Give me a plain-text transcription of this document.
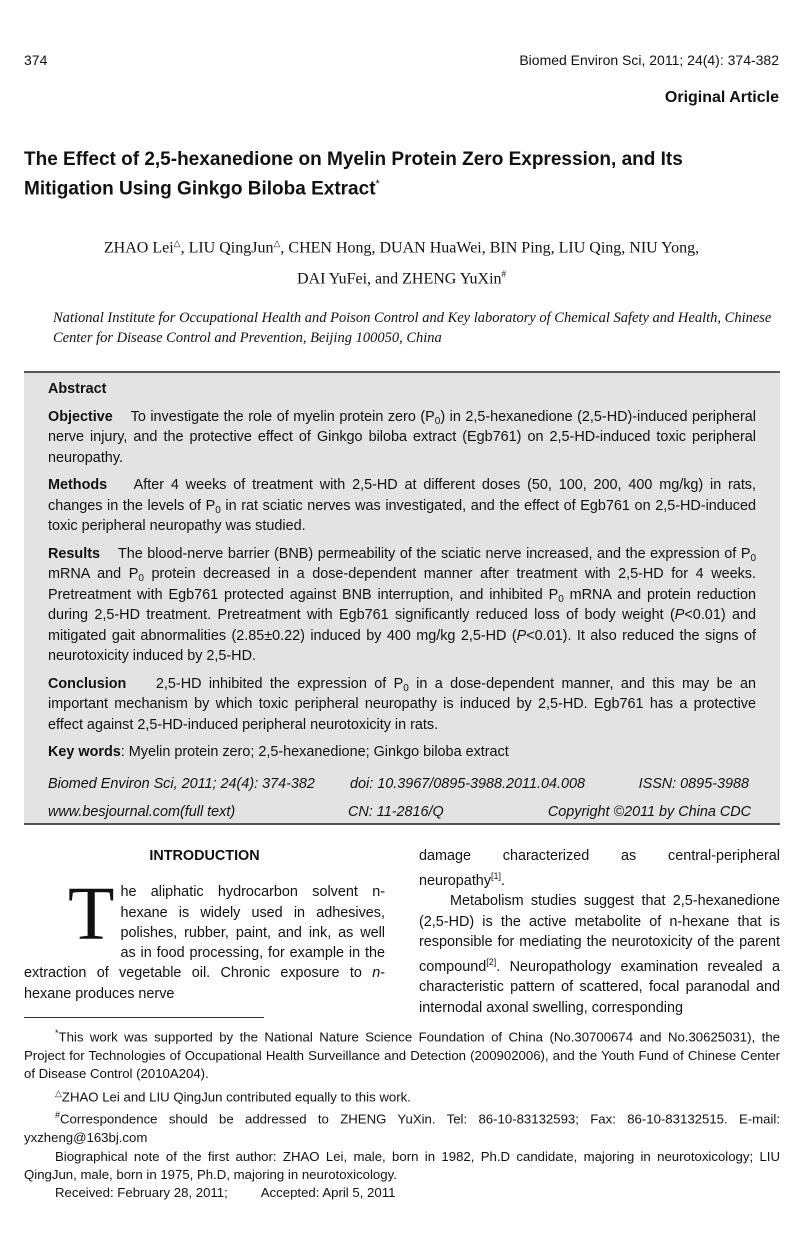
374	Biomed Environ Sci, 2011; 24(4): 374-382
Original Article
The Effect of 2,5-hexanedione on Myelin Protein Zero Expression, and Its Mitigation Using Ginkgo Biloba Extract*
ZHAO Lei△, LIU QingJun△, CHEN Hong, DUAN HuaWei, BIN Ping, LIU Qing, NIU Yong,
DAI YuFei, and ZHENG YuXin#
National Institute for Occupational Health and Poison Control and Key laboratory of Chemical Safety and Health, Chinese Center for Disease Control and Prevention, Beijing 100050, China

Abstract

Objective To investigate the role of myelin protein zero $(P_0)$ in 2,5-hexanedione (2,5-HD)-induced peripheral nerve injury, and the protective effect of Ginkgo biloba extract (Egb761) on 2,5-HD-induced toxic peripheral neuropathy.

Methods After 4 weeks of treatment with 2,5-HD at different doses (50, 100, 200, 400 mg/kg) in rats, changes in the levels of $P_0$ in rat sciatic nerves was investigated, and the effect of Egb761 on 2,5-HD-induced toxic peripheral neuropathy was studied.

Results The blood-nerve barrier (BNB) permeability of the sciatic nerve increased, and the expression of $P_0$ mRNA and $P_0$ protein decreased in a dose-dependent manner after treatment with 2,5-HD for 4 weeks. Pretreatment with Egb761 protected against BNB interruption, and inhibited $P_0$ mRNA and protein reduction during 2,5-HD treatment. Pretreatment with Egb761 significantly reduced loss of body weight (P<0.01) and mitigated gait abnormalities (2.85±0.22) induced by 400 mg/kg 2,5-HD (P<0.01). It also reduced the signs of neurotoxicity induced by 2,5-HD.

Conclusion 2,5-HD inhibited the expression of $P_0$ in a dose-dependent manner, and this may be an important mechanism by which toxic peripheral neuropathy is induced by 2,5-HD. Egb761 has a protective effect against 2,5-HD-induced peripheral neurotoxicity in rats.

Key words: Myelin protein zero; 2,5-hexanedione; Ginkgo biloba extract

Biomed Environ Sci, 2011; 24(4): 374-382 doi: 10.3967/0895-3988.2011.04.008	ISSN: 0895-3988
www.besjournal.com(full text)	CN: 11-2816/Q	Copyright ©2011 by China CDC
INTRODUCTION

The aliphatic hydrocarbon solvent n-hexane is widely used in adhesives, polishes, rubber, paint, and ink, as well as in food processing, for example in the extraction of vegetable oil. Chronic exposure to n-hexane produces nerve

damage characterized as central-peripheral neuropathy[1].

Metabolism studies suggest that 2,5-hexanedione (2,5-HD) is the active metabolite of n-hexane that is responsible for mediating the neurotoxicity of the parent compound[2]. Neuropathology examination revealed a characteristic pattern of scattered, focal paranodal and internodal axonal swelling, corresponding

*This work was supported by the National Nature Science Foundation of China (No.30700674 and No.30625031), the Project for Technologies of Occupational Health Surveillance and Detection (200902006), and the Youth Fund of Chinese Center of Disease Control (2010A204).

△ZHAO Lei and LIU QingJun contributed equally to this work.

#Correspondence should be addressed to ZHENG YuXin. Tel: 86-10-83132593; Fax: 86-10-83132515. E-mail: yxzheng@163bj.com

Biographical note of the first author: ZHAO Lei, male, born in 1982, Ph.D candidate, majoring in neurotoxicology; LIU QingJun, male, born in 1975, Ph.D, majoring in neurotoxicology.

Received: February 28, 2011; Accepted: April 5, 2011
